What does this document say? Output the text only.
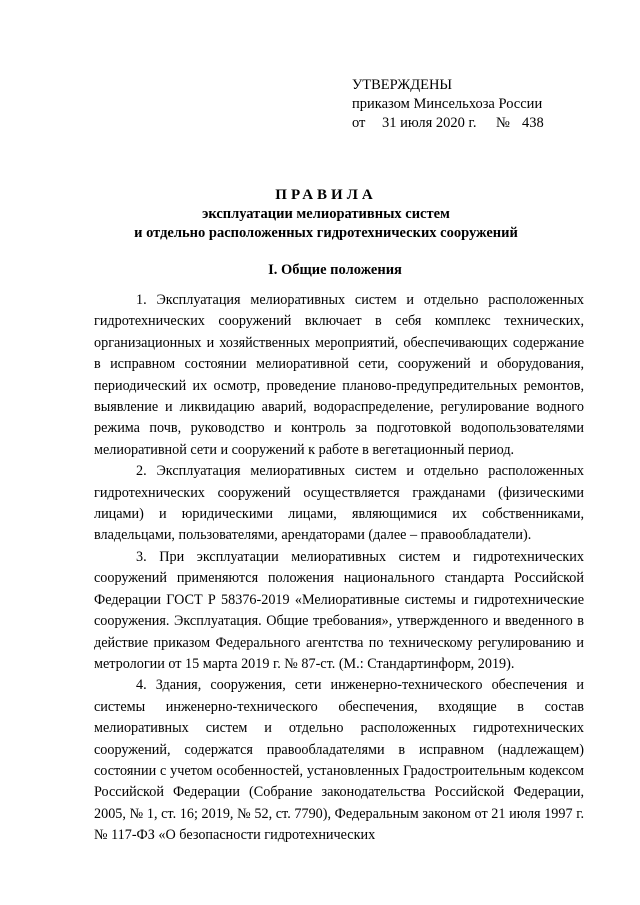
УТВЕРЖДЕНЫ
приказом Минсельхоза России
от 31 июля 2020 г. № 438
ПРАВИЛА
эксплуатации мелиоративных систем
и отдельно расположенных гидротехнических сооружений
I. Общие положения

1. Эксплуатация мелиоративных систем и отдельно расположенных гидротехнических сооружений включает в себя комплекс технических, организационных и хозяйственных мероприятий, обеспечивающих содержание в исправном состоянии мелиоративной сети, сооружений и оборудования, периодический их осмотр, проведение планово-предупредительных ремонтов, выявление и ликвидацию аварий, водораспределение, регулирование водного режима почв, руководство и контроль за подготовкой водопользователями мелиоративной сети и сооружений к работе в вегетационный период.

2. Эксплуатация мелиоративных систем и отдельно расположенных гидротехнических сооружений осуществляется гражданами (физическими лицами) и юридическими лицами, являющимися их собственниками, владельцами, пользователями, арендаторами (далее – правообладатели).

3. При эксплуатации мелиоративных систем и гидротехнических сооружений применяются положения национального стандарта Российской Федерации ГОСТ Р 58376-2019 «Мелиоративные системы и гидротехнические сооружения. Эксплуатация. Общие требования», утвержденного и введенного в действие приказом Федерального агентства по техническому регулированию и метрологии от 15 марта 2019 г. № 87-ст. (М.: Стандартинформ, 2019).

4. Здания, сооружения, сети инженерно-технического обеспечения и системы инженерно-технического обеспечения, входящие в состав мелиоративных систем и отдельно расположенных гидротехнических сооружений, содержатся правообладателями в исправном (надлежащем) состоянии с учетом особенностей, установленных Градостроительным кодексом Российской Федерации (Собрание законодательства Российской Федерации, 2005, № 1, ст. 16; 2019, № 52, ст. 7790), Федеральным законом от 21 июля 1997 г. № 117-ФЗ «О безопасности гидротехнических
